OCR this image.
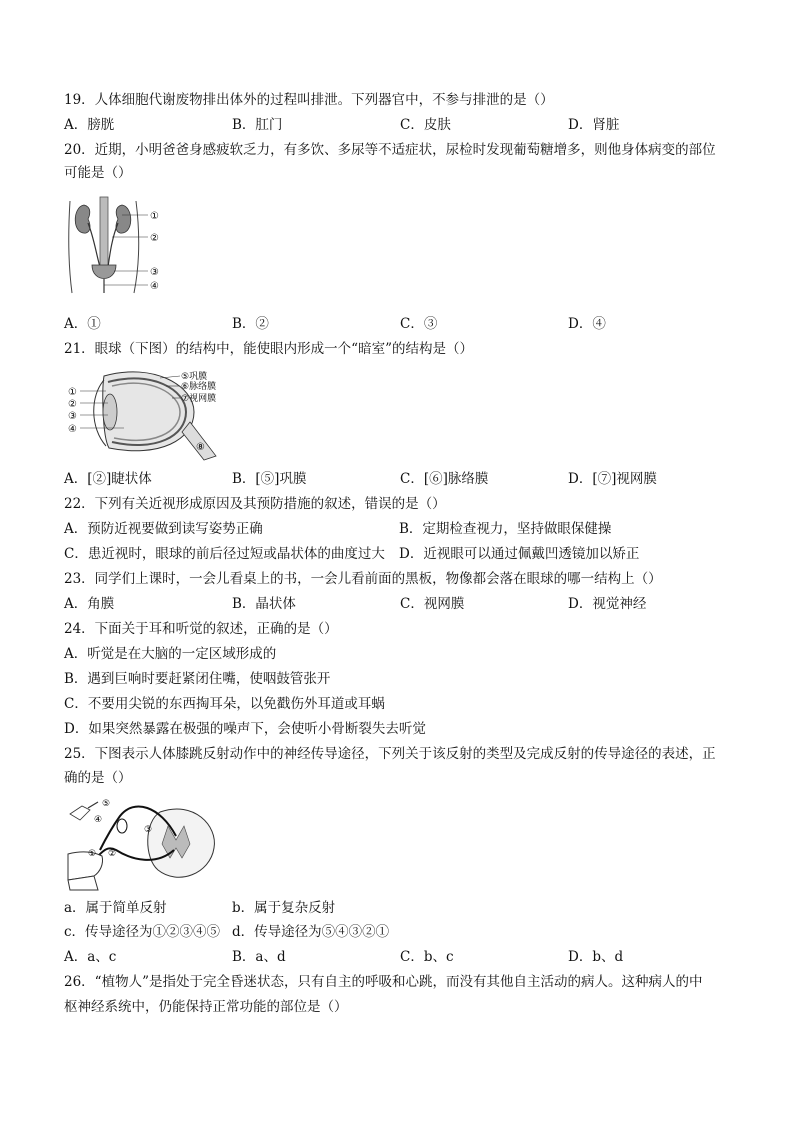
19．人体细胞代谢废物排出体外的过程叫排泄。下列器官中，不参与排泄的是（）
A．膀胱	B．肛门	C．皮肤	D．肾脏
20．近期，小明爸爸身感疲软乏力，有多饮、多尿等不适症状，尿检时发现葡萄糖增多，则他身体病变的部位
可能是（）
①
②
③
④
A．①	B．②	C．③	D．④
21．眼球（下图）的结构中，能使眼内形成一个“暗室”的结构是（）
⑤巩膜
⑥脉络膜
⑦视网膜
①
②
③
④
⑧
A．[②]睫状体	B．[⑤]巩膜	C．[⑥]脉络膜	D．[⑦]视网膜
22．下列有关近视形成原因及其预防措施的叙述，错误的是（）
A．预防近视要做到读写姿势正确	B．定期检查视力，坚持做眼保健操
C．患近视时，眼球的前后径过短或晶状体的曲度过大 D．近视眼可以通过佩戴凹透镜加以矫正
23．同学们上课时，一会儿看桌上的书，一会儿看前面的黑板，物像都会落在眼球的哪一结构上（）
A．角膜	B．晶状体	C．视网膜	D．视觉神经
24．下面关于耳和听觉的叙述，正确的是（）
A．听觉是在大脑的一定区域形成的
B．遇到巨响时要赶紧闭住嘴，使咽鼓管张开
C．不要用尖锐的东西掏耳朵，以免戳伤外耳道或耳蜗
D．如果突然暴露在极强的噪声下，会使听小骨断裂失去听觉
25．下图表示人体膝跳反射动作中的神经传导途径，下列关于该反射的类型及完成反射的传导途径的表述，正
确的是（）
⑤
④
③
① ②
a．属于简单反射	b．属于复杂反射
c．传导途径为①②③④⑤ d．传导途径为⑤④③②①
A．a、c	B．a、d	C．b、c	D．b、d
26．“植物人”是指处于完全昏迷状态，只有自主的呼吸和心跳，而没有其他自主活动的病人。这种病人的中
枢神经系统中，仍能保持正常功能的部位是（）
